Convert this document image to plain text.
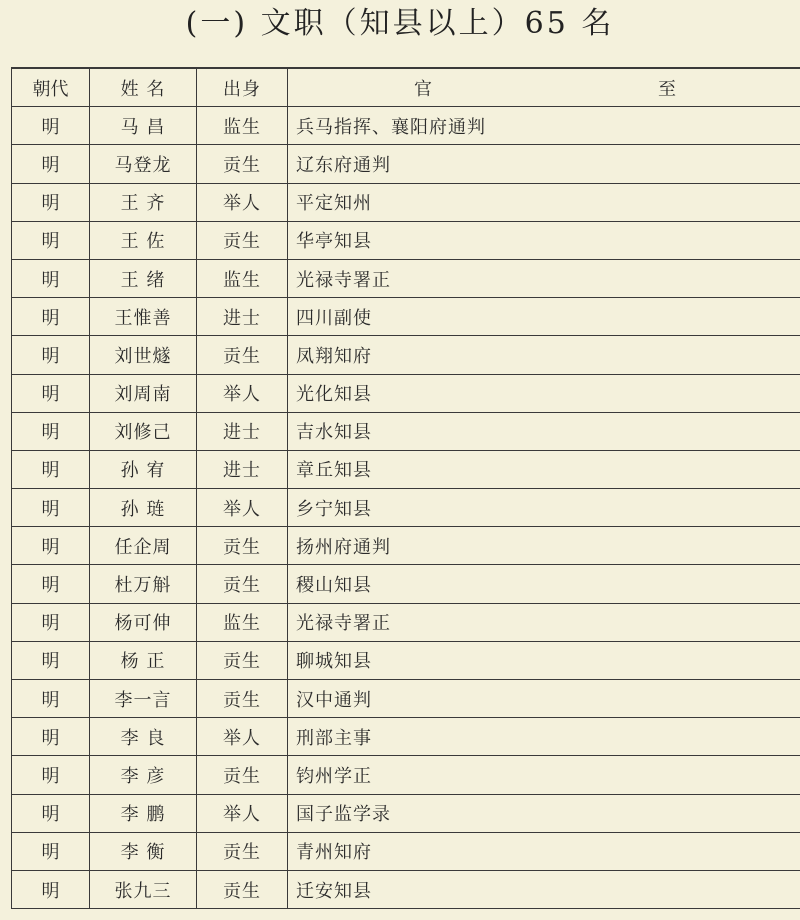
(一) 文职（知县以上）65 名
朝代	姓 名	出身	官 至

明	马 昌	监生	兵马指挥、襄阳府通判
明	马登龙	贡生	辽东府通判
明	王 齐	举人	平定知州
明	王 佐	贡生	华亭知县
明	王 绪	监生	光禄寺署正
明	王惟善	进士	四川副使
明	刘世燧	贡生	凤翔知府
明	刘周南	举人	光化知县
明	刘修己	进士	吉水知县
明	孙 宥	进士	章丘知县
明	孙 琏	举人	乡宁知县
明	任企周	贡生	扬州府通判
明	杜万斛	贡生	稷山知县
明	杨可伸	监生	光禄寺署正
明	杨 正	贡生	聊城知县
明	李一言	贡生	汉中通判
明	李 良	举人	刑部主事
明	李 彦	贡生	钧州学正
明	李 鹏	举人	国子监学录
明	李 衡	贡生	青州知府
明	张九三	贡生	迁安知县
